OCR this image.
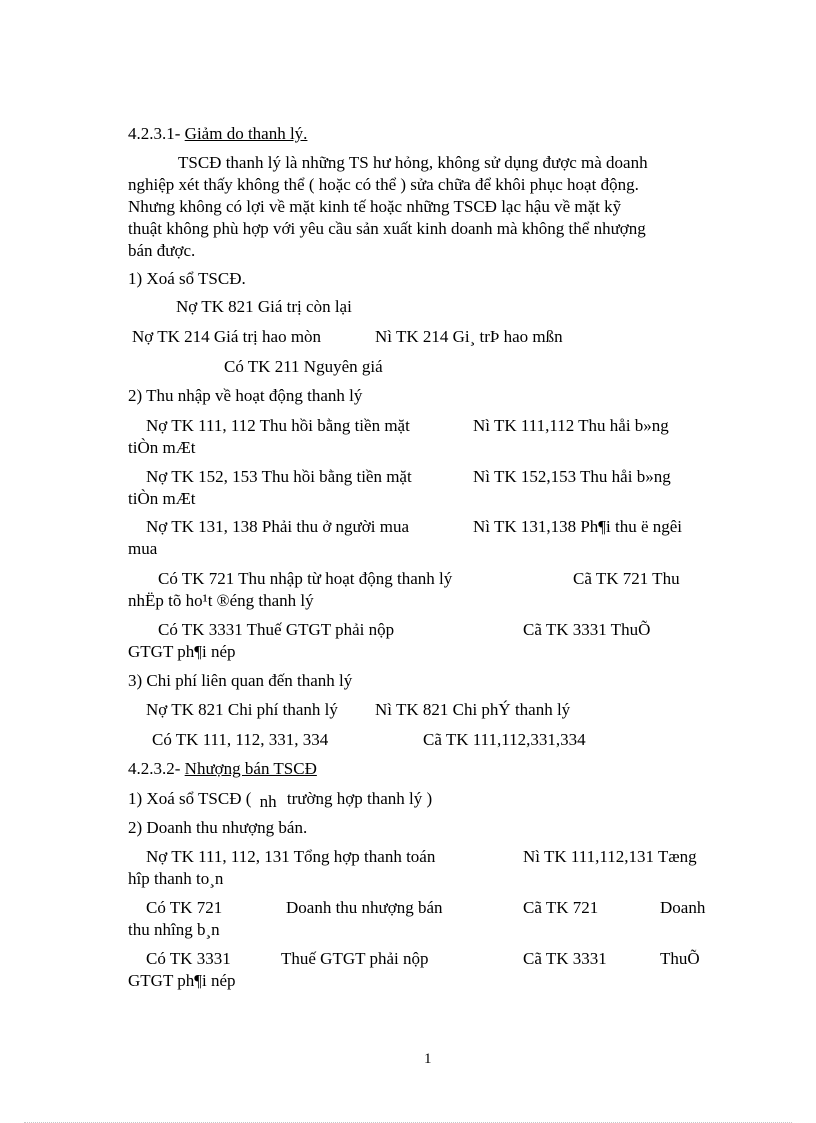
4.2.3.1- Giảm do thanh lý.
TSCĐ thanh lý là những TS hư hỏng, không sử dụng được mà doanh
nghiệp xét thấy không thể ( hoặc có thể ) sửa chữa để khôi phục hoạt động.
Nhưng không có lợi về mặt kinh tế hoặc những TSCĐ lạc hậu về mặt kỹ
thuật không phù hợp với yêu cầu sản xuất kinh doanh mà không thể nhượng
bán được.
1) Xoá sổ TSCĐ.
Nợ TK 821 Giá trị còn lại
Nợ TK 214 Giá trị hao mòn	Nì TK 214 Gi¸ trÞ hao mßn
Có TK 211 Nguyên giá
2) Thu nhập về hoạt động thanh lý
Nợ TK 111, 112 Thu hồi bằng tiền mặt	Nì TK 111,112 Thu håi b»ng
tiÒn mÆt
Nợ TK 152, 153 Thu hồi bằng tiền mặt	Nì TK 152,153 Thu håi b»ng
tiÒn mÆt
Nợ TK 131, 138 Phải thu ở người mua	Nì TK 131,138 Ph¶i thu ë ngêi
mua
Có TK 721 Thu nhập từ hoạt động thanh lý	Cã TK 721 Thu
nhËp tõ ho¹t ®éng thanh lý
Có TK 3331 Thuế GTGT phải nộp	Cã TK 3331 ThuÕ
GTGT ph¶i nép
3) Chi phí liên quan đến thanh lý
Nợ TK 821 Chi phí thanh lý Nì TK 821 Chi phÝ thanh lý
Có TK 111, 112, 331, 334	Cã TK 111,112,331,334
4.2.3.2- Nhượng bán TSCĐ
1) Xoá sổ TSCĐ ( nh trường hợp thanh lý )
2) Doanh thu nhượng bán.
Nợ TK 111, 112, 131 Tổng hợp thanh toán	Nì TK 111,112,131 Tæng
hîp thanh to¸n
Có TK 721	Doanh thu nhượng bán	Cã TK 721	Doanh
thu nhîng b¸n
Có TK 3331	Thuế GTGT phải nộp	Cã TK 3331	ThuÕ
GTGT ph¶i nép
1
